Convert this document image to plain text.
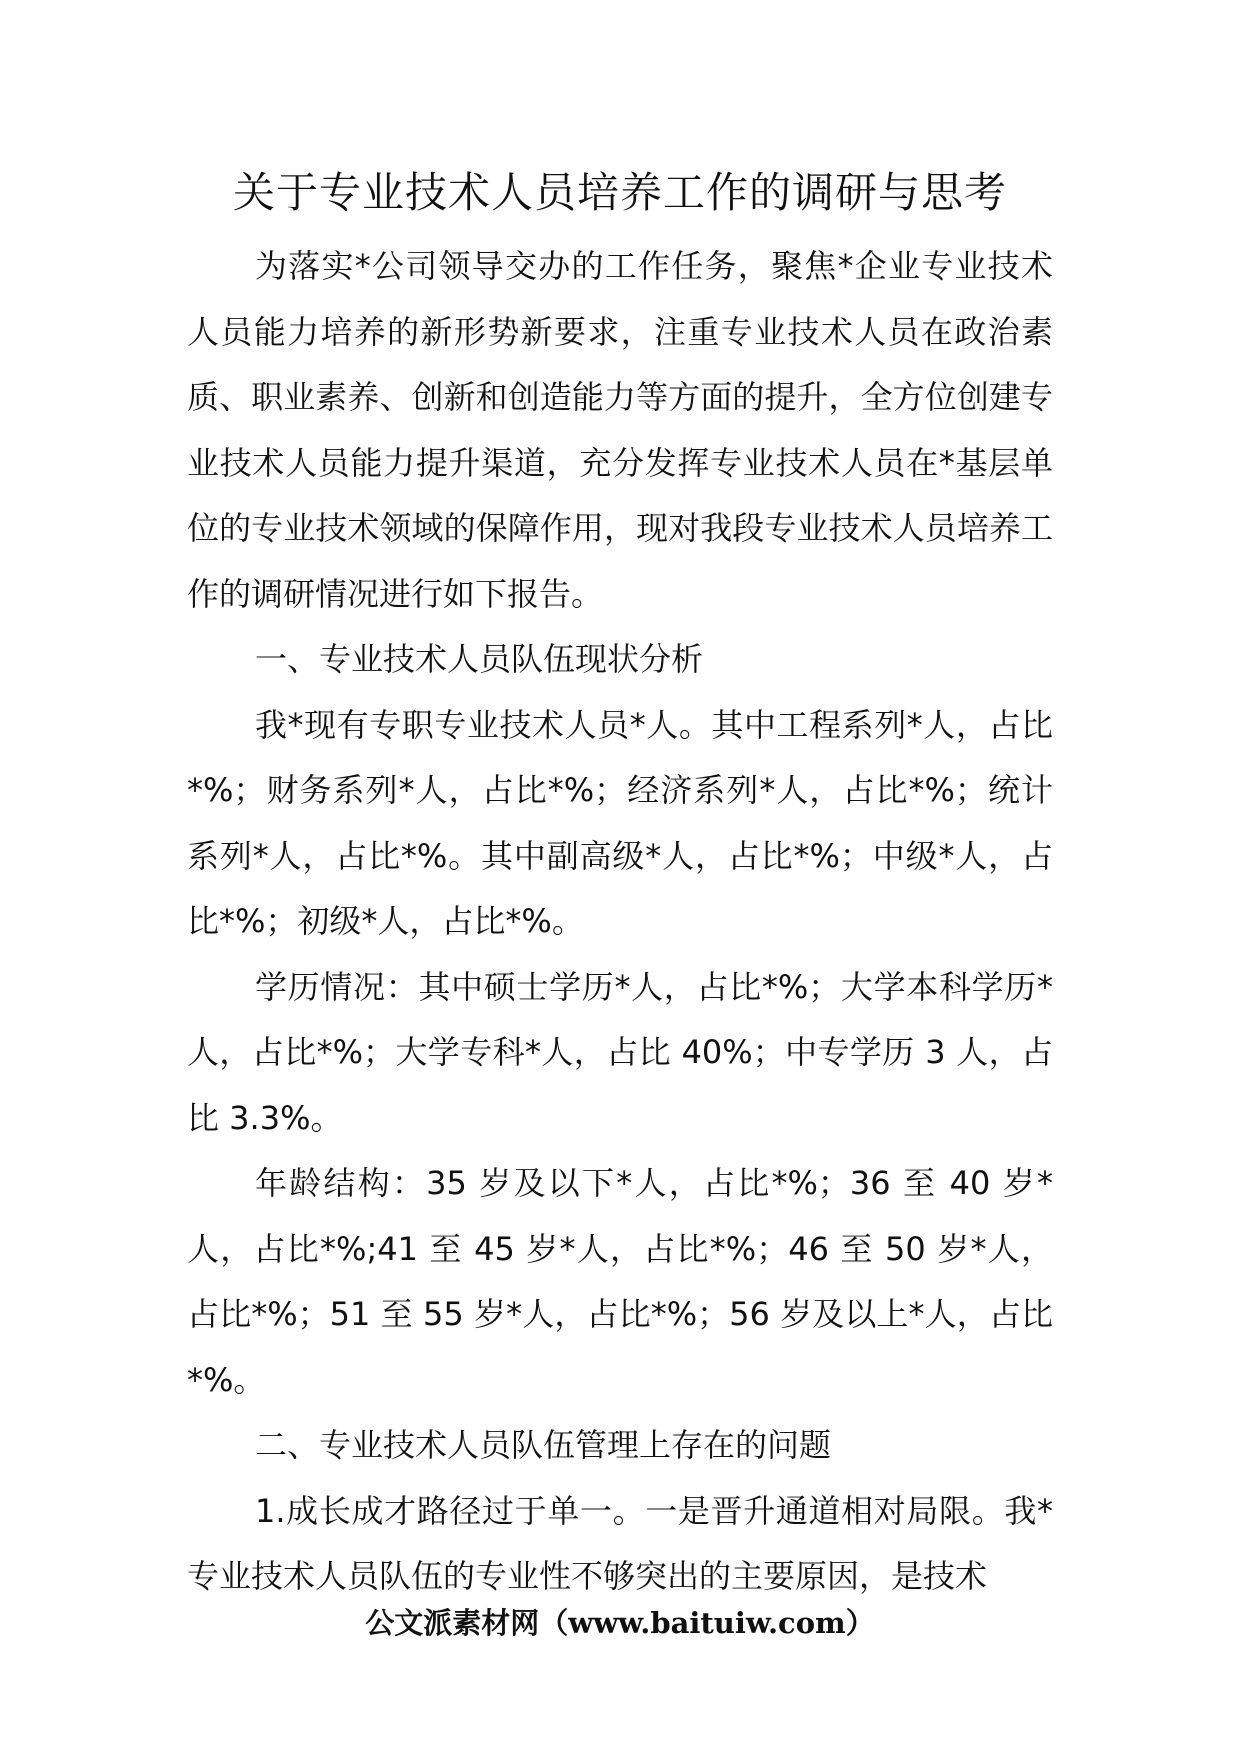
关于专业技术人员培养工作的调研与思考

为落实*公司领导交办的工作任务，聚焦*企业专业技术人员能力培养的新形势新要求，注重专业技术人员在政治素质、职业素养、创新和创造能力等方面的提升，全方位创建专业技术人员能力提升渠道，充分发挥专业技术人员在*基层单位的专业技术领域的保障作用，现对我段专业技术人员培养工作的调研情况进行如下报告。

一、专业技术人员队伍现状分析

我*现有专职专业技术人员*人。其中工程系列*人，占比*%；财务系列*人，占比*%；经济系列*人，占比*%；统计系列*人，占比*%。其中副高级*人，占比*%；中级*人，占比*%；初级*人，占比*%。

学历情况：其中硕士学历*人，占比*%；大学本科学历*人，占比*%；大学专科*人，占比 40%；中专学历 3 人，占比 3.3%。

年龄结构：35 岁及以下*人，占比*%；36 至 40 岁*人，占比*%;41 至 45 岁*人，占比*%；46 至 50 岁*人，占比*%；51 至 55 岁*人，占比*%；56 岁及以上*人，占比*%。

二、专业技术人员队伍管理上存在的问题

1.成长成才路径过于单一。一是晋升通道相对局限。我*专业技术人员队伍的专业性不够突出的主要原因，是技术

公文派素材网（www.baituiw.com）
